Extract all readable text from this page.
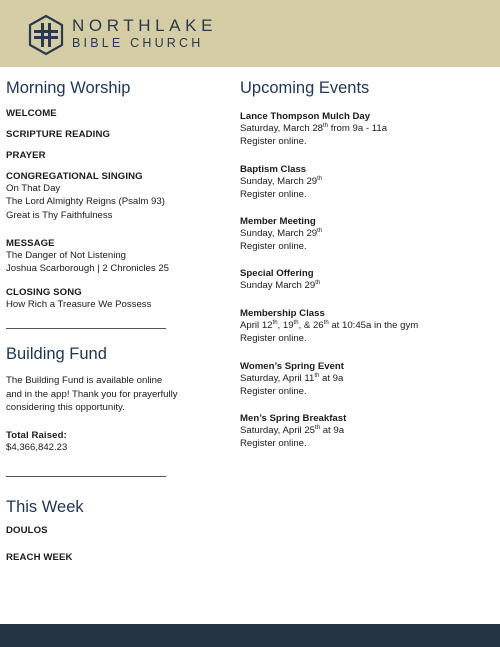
NORTHLAKE
BIBLE CHURCH
Morning Worship
WELCOME
SCRIPTURE READING
PRAYER
CONGREGATIONAL SINGING
On That Day
The Lord Almighty Reigns (Psalm 93)
Great is Thy Faithfulness
MESSAGE
The Danger of Not Listening
Joshua Scarborough | 2 Chronicles 25
CLOSING SONG
How Rich a Treasure We Possess
Building Fund
The Building Fund is available online
and in the app! Thank you for prayerfully
considering this opportunity.
Total Raised:
$4,366,842.23
This Week
DOULOS
REACH WEEK
Upcoming Events
Lance Thompson Mulch Day
Saturday, March 28th from 9a - 11a
Register online.
Baptism Class
Sunday, March 29th
Register online.
Member Meeting
Sunday, March 29th
Register online.
Special Offering
Sunday March 29th
Membership Class
April 12th, 19th, & 26th at 10:45a in the gym
Register online.
Women’s Spring Event
Saturday, April 11th at 9a
Register online.
Men’s Spring Breakfast
Saturday, April 25th at 9a
Register online.
